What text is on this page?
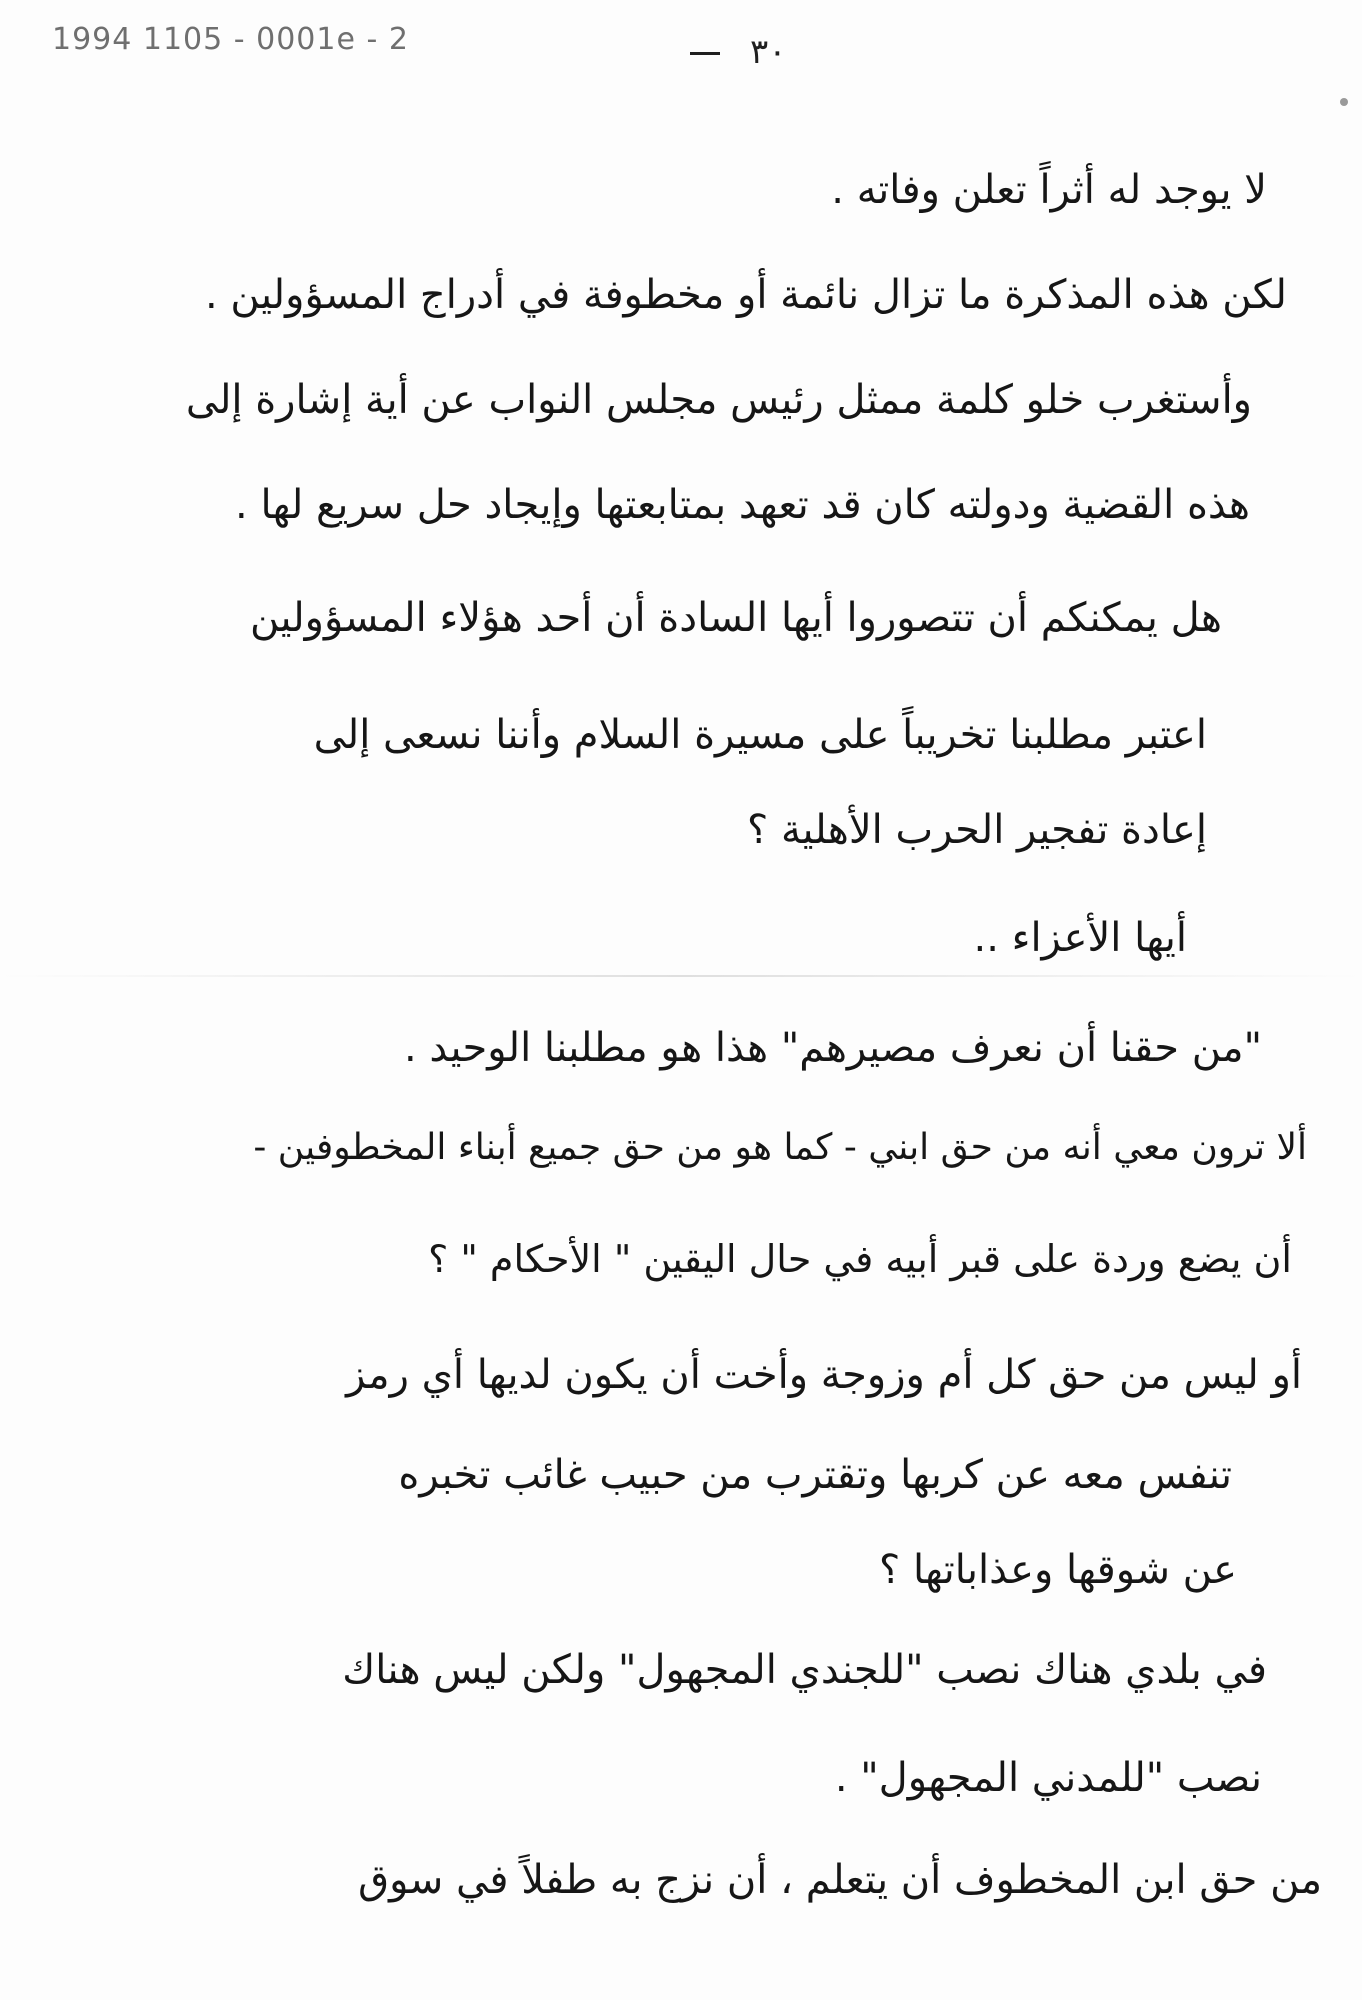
1994 1105 - 0001e - 2	٣٠
لا يوجد له أثراً تعلن وفاته .
لكن هذه المذكرة ما تزال نائمة أو مخطوفة في أدراج المسؤولين .
وأستغرب خلو كلمة ممثل رئيس مجلس النواب عن أية إشارة إلى
هذه القضية ودولته كان قد تعهد بمتابعتها وإيجاد حل سريع لها .
هل يمكنكم أن تتصوروا أيها السادة أن أحد هؤلاء المسؤولين
اعتبر مطلبنا تخريباً على مسيرة السلام وأننا نسعى إلى
إعادة تفجير الحرب الأهلية ؟
أيها الأعزاء ..
"من حقنا أن نعرف مصيرهم" هذا هو مطلبنا الوحيد .
ألا ترون معي أنه من حق ابني - كما هو من حق جميع أبناء المخطوفين -
أن يضع وردة على قبر أبيه في حال اليقين " الأحكام " ؟
أو ليس من حق كل أم وزوجة وأخت أن يكون لديها أي رمز
تنفس معه عن كربها وتقترب من حبيب غائب تخبره
عن شوقها وعذاباتها ؟
في بلدي هناك نصب "للجندي المجهول" ولكن ليس هناك
نصب "للمدني المجهول" .
من حق ابن المخطوف أن يتعلم ، أن نزج به طفلاً في سوق
